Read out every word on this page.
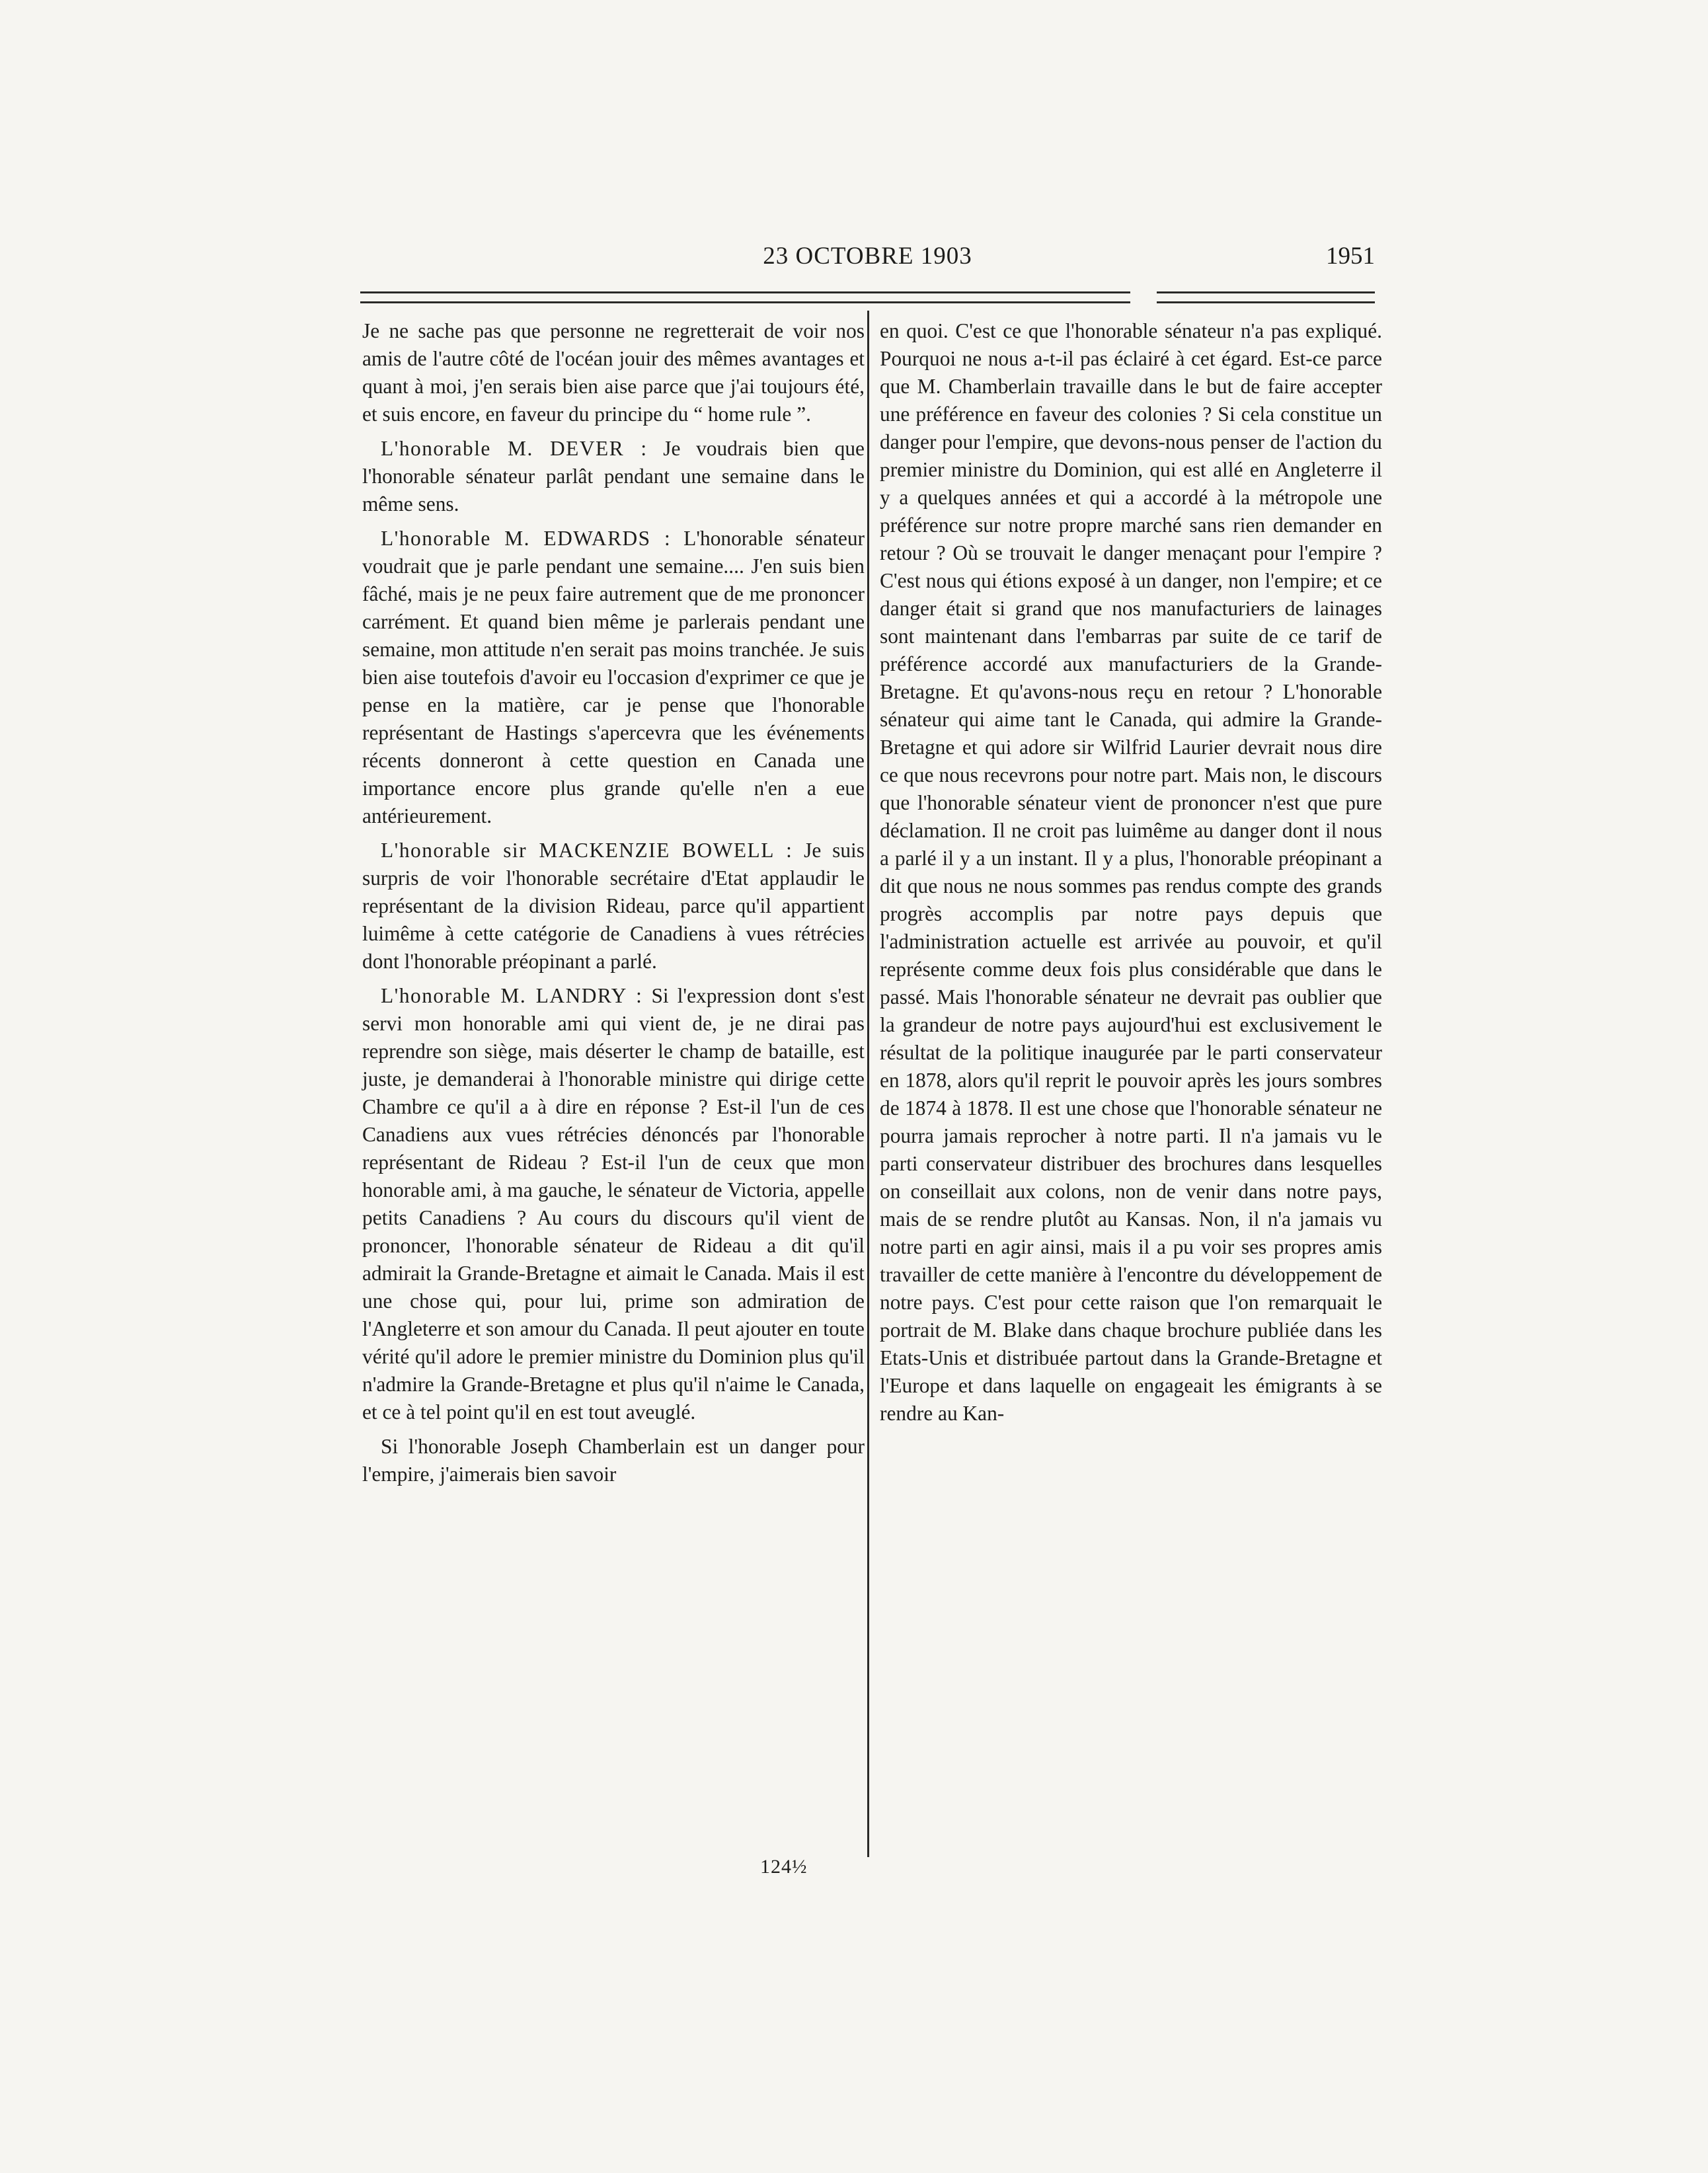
23 OCTOBRE 1903	1951

Je ne sache pas que personne ne regretterait de voir nos amis de l'autre côté de l'océan jouir des mêmes avantages et quant à moi, j'en serais bien aise parce que j'ai toujours été, et suis encore, en faveur du principe du “ home rule ”.

L'honorable M. DEVER : Je voudrais bien que l'honorable sénateur parlât pendant une semaine dans le même sens.

L'honorable M. EDWARDS : L'honorable sénateur voudrait que je parle pendant une semaine.... J'en suis bien fâché, mais je ne peux faire autrement que de me prononcer carrément. Et quand bien même je parlerais pendant une semaine, mon attitude n'en serait pas moins tranchée. Je suis bien aise toutefois d'avoir eu l'occasion d'exprimer ce que je pense en la matière, car je pense que l'honorable représentant de Hastings s'apercevra que les événements récents donneront à cette question en Canada une importance encore plus grande qu'elle n'en a eue antérieurement.

L'honorable sir MACKENZIE BOWELL : Je suis surpris de voir l'honorable secrétaire d'Etat applaudir le représentant de la division Rideau, parce qu'il appartient luimême à cette catégorie de Canadiens à vues rétrécies dont l'honorable préopinant a parlé.

L'honorable M. LANDRY : Si l'expression dont s'est servi mon honorable ami qui vient de, je ne dirai pas reprendre son siège, mais déserter le champ de bataille, est juste, je demanderai à l'honorable ministre qui dirige cette Chambre ce qu'il a à dire en réponse ? Est-il l'un de ces Canadiens aux vues rétrécies dénoncés par l'honorable représentant de Rideau ? Est-il l'un de ceux que mon honorable ami, à ma gauche, le sénateur de Victoria, appelle petits Canadiens ? Au cours du discours qu'il vient de prononcer, l'honorable sénateur de Rideau a dit qu'il admirait la Grande-Bretagne et aimait le Canada. Mais il est une chose qui, pour lui, prime son admiration de l'Angleterre et son amour du Canada. Il peut ajouter en toute vérité qu'il adore le premier ministre du Dominion plus qu'il n'admire la Grande-Bretagne et plus qu'il n'aime le Canada, et ce à tel point qu'il en est tout aveuglé.

Si l'honorable Joseph Chamberlain est un danger pour l'empire, j'aimerais bien savoir

en quoi. C'est ce que l'honorable sénateur n'a pas expliqué. Pourquoi ne nous a-t-il pas éclairé à cet égard. Est-ce parce que M. Chamberlain travaille dans le but de faire accepter une préférence en faveur des colonies ? Si cela constitue un danger pour l'empire, que devons-nous penser de l'action du premier ministre du Dominion, qui est allé en Angleterre il y a quelques années et qui a accordé à la métropole une préférence sur notre propre marché sans rien demander en retour ? Où se trouvait le danger menaçant pour l'empire ? C'est nous qui étions exposé à un danger, non l'empire; et ce danger était si grand que nos manufacturiers de lainages sont maintenant dans l'embarras par suite de ce tarif de préférence accordé aux manufacturiers de la Grande-Bretagne. Et qu'avons-nous reçu en retour ? L'honorable sénateur qui aime tant le Canada, qui admire la Grande-Bretagne et qui adore sir Wilfrid Laurier devrait nous dire ce que nous recevrons pour notre part. Mais non, le discours que l'honorable sénateur vient de prononcer n'est que pure déclamation. Il ne croit pas luimême au danger dont il nous a parlé il y a un instant. Il y a plus, l'honorable préopinant a dit que nous ne nous sommes pas rendus compte des grands progrès accomplis par notre pays depuis que l'administration actuelle est arrivée au pouvoir, et qu'il représente comme deux fois plus considérable que dans le passé. Mais l'honorable sénateur ne devrait pas oublier que la grandeur de notre pays aujourd'hui est exclusivement le résultat de la politique inaugurée par le parti conservateur en 1878, alors qu'il reprit le pouvoir après les jours sombres de 1874 à 1878. Il est une chose que l'honorable sénateur ne pourra jamais reprocher à notre parti. Il n'a jamais vu le parti conservateur distribuer des brochures dans lesquelles on conseillait aux colons, non de venir dans notre pays, mais de se rendre plutôt au Kansas. Non, il n'a jamais vu notre parti en agir ainsi, mais il a pu voir ses propres amis travailler de cette manière à l'encontre du développement de notre pays. C'est pour cette raison que l'on remarquait le portrait de M. Blake dans chaque brochure publiée dans les Etats-Unis et distribuée partout dans la Grande-Bretagne et l'Europe et dans laquelle on engageait les émigrants à se rendre au Kan-

124½
